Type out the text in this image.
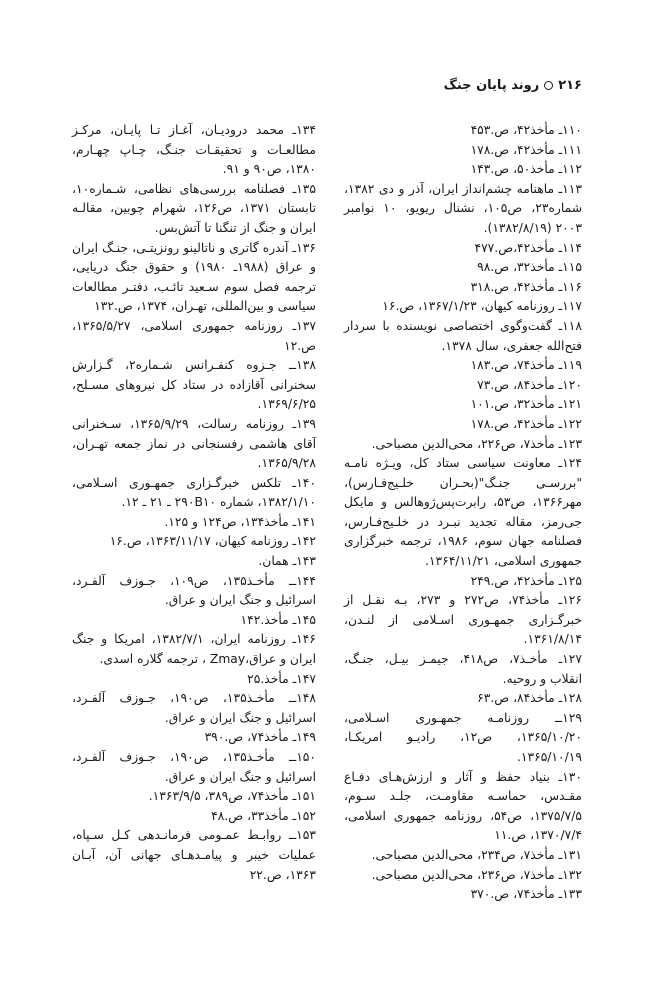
۲۱۶
روند پایان جنگ

۱۱۰ـ مأخذ۴۲، ص.۴۵۳

۱۱۱ـ مأخذ۴۲، ص.۱۷۸

۱۱۲ـ مأخذ۵۰، ص.۱۴۳

۱۱۳ـ ماهنامه چشم‌انداز ایران، آذر و دی ۱۳۸۲، شماره۲۳، ص۱۰۵، نشنال ریویو، ۱۰ نوامبر ۲۰۰۳ (۱۳۸۲/۸/۱۹).

۱۱۴ـ مأخذ۴۲،ص.۴۷۷

۱۱۵ـ مأخذ۳۲، ص.۹۸

۱۱۶ـ مأخذ۴۲، ص.۳۱۸

۱۱۷ـ روزنامه کیهان، ۱۳۶۷/۱/۲۳، ص.۱۶

۱۱۸ـ گفت‌وگوی اختصاصی نویسنده با سردار فتح‌الله جعفری، سال ۱۳۷۸.

۱۱۹ـ مأخذ۷۴، ص.۱۸۳

۱۲۰ـ مأخذ۸۴، ص.۷۳

۱۲۱ـ مأخذ۳۲، ص.۱۰۱

۱۲۲ـ مأخذ۴۲، ص.۱۷۸

۱۲۳ـ مأخذ۷، ص۲۲۶، محی‌الدین مصباحی.

۱۲۴ـ معاونت سیاسی ستاد کل، ویـژه نامـه "بررسـی جنـگ"(بحـران خلـیج‌فـارس)، مهر۱۳۶۶، ص۵۳، رابرت‌پس‌ژوهالس و مایکل جی‌رمز، مقاله تجدید نبـرد در خلـیج‌فـارس، فصلنامه جهان سوم، ۱۹۸۶، ترجمه خبرگزاری جمهوری اسلامی، ۱۳۶۴/۱۱/۲۱.

۱۲۵ـ مأخذ۴۲، ص.۲۴۹

۱۲۶ـ مأخذ۷۴، ص۲۷۲ و ۲۷۳، بـه نقـل از خبرگـزاری جمهـوری اسـلامی از لنـدن، ۱۳۶۱/۸/۱۴.

۱۲۷ـ مأخـذ۷، ص۴۱۸، جیمـز بیـل، جنـگ، انقلاب و روحیه.

۱۲۸ـ مأخذ۸۴، ص.۶۳

۱۲۹ــ روزنامـه جمهـوری اسـلامی، ۱۳۶۵/۱۰/۲۰، ص۱۲، رادیـو امریکـا، ۱۳۶۵/۱۰/۱۹.

۱۳۰ـ بنیاد حفظ و آثار و ارزش‌هـای دفـاع مقـدس، حماسـه مقاومـت، جلـد سـوم، ۱۳۷۵/۷/۵، ص۵۴، روزنامه جمهوری اسلامی، ۱۳۷۰/۷/۴، ص.۱۱

۱۳۱ـ مأخذ۷، ص۲۳۴، محی‌الدین مصباحی.

۱۳۲ـ مأخذ۷، ص۲۳۶، محی‌الدین مصباحی.

۱۳۳ـ مأخذ۷۴، ص.۳۷۰

۱۳۴ـ محمد درودیـان، آغـاز تـا پایـان، مرکـز مطالعـات و تحقیقـات جنـگ، چـاپ چهـارم، ۱۳۸۰، ص۹۰ و ۹۱.

۱۳۵ـ فصلنامه بررسی‌های نظامی، شـماره۱۰، تابستان ۱۳۷۱، ص۱۲۶، شهرام چوبین، مقالـه ایران و جنگ از تنگنا تا آتش‌بس.

۱۳۶ـ آندره گاتری و ناتالینو رونزیتـی، جنـگ ایران و عراق (۱۹۸۸ـ ۱۹۸۰) و حقوق جنگ دریایی، ترجمه فصل سوم سـعید تائـب، دفتـر مطالعات سیاسی و بین‌المللی، تهـران، ۱۳۷۴، ص.۱۳۲

۱۳۷ـ روزنامه جمهوری اسلامی، ۱۳۶۵/۵/۲۷، ص.۱۲

۱۳۸ــ جـزوه کنفـرانس شـماره۲، گـزارش سخنرانی آقازاده در ستاد کل نیروهای مسـلح، ۱۳۶۹/۶/۲۵.

۱۳۹ـ روزنامه رسالت، ۱۳۶۵/۹/۲۹، سـخنرانی آقای هاشمی رفسنجانی در نماز جمعه تهـران، ۱۳۶۵/۹/۲۸.

۱۴۰ـ تلکس خبرگـزاری جمهـوری اسـلامی، ۱۳۸۲/۱/۱۰، شماره ۲۹۰B۱۰ ـ ۲۱ ـ ۱۲.

۱۴۱ـ مأخذ۱۳۴، ص۱۲۴ و ۱۲۵.

۱۴۲ـ روزنامه کیهان، ۱۳۶۳/۱۱/۱۷، ص.۱۶

۱۴۳ـ همان.

۱۴۴ــ مأخـذ۱۳۵، ص۱۰۹، جـوزف آلفـرد، اسرائیل و جنگ ایران و عراق.

۱۴۵ـ مأخذ.۱۴۲

۱۴۶ـ روزنامه ایران، ۱۳۸۲/۷/۱، امریکا و جنگ ایران و عراق،Zmay ، ترجمه گلاره اسدی.

۱۴۷ـ مأخذ.۲۵

۱۴۸ــ مأخـذ۱۳۵، ص۱۹۰، جـوزف آلفـرد، اسرائیل و جنگ ایران و عراق.

۱۴۹ـ مأخذ۷۴، ص.۳۹۰

۱۵۰ــ مأخـذ۱۳۵، ص۱۹۰، جـوزف آلفـرد، اسرائیل و جنگ ایران و عراق.

۱۵۱ـ مأخذ۷۴، ص۳۸۹، ۱۳۶۳/۹/۵.

۱۵۲ـ مأخذ۳۳، ص.۴۸

۱۵۳ــ روابـط عمـومی فرمانـدهی کـل سـپاه، عملیات خیبر و پیامـدهـای جهانی آن، آبـان ۱۳۶۳، ص.۲۲
